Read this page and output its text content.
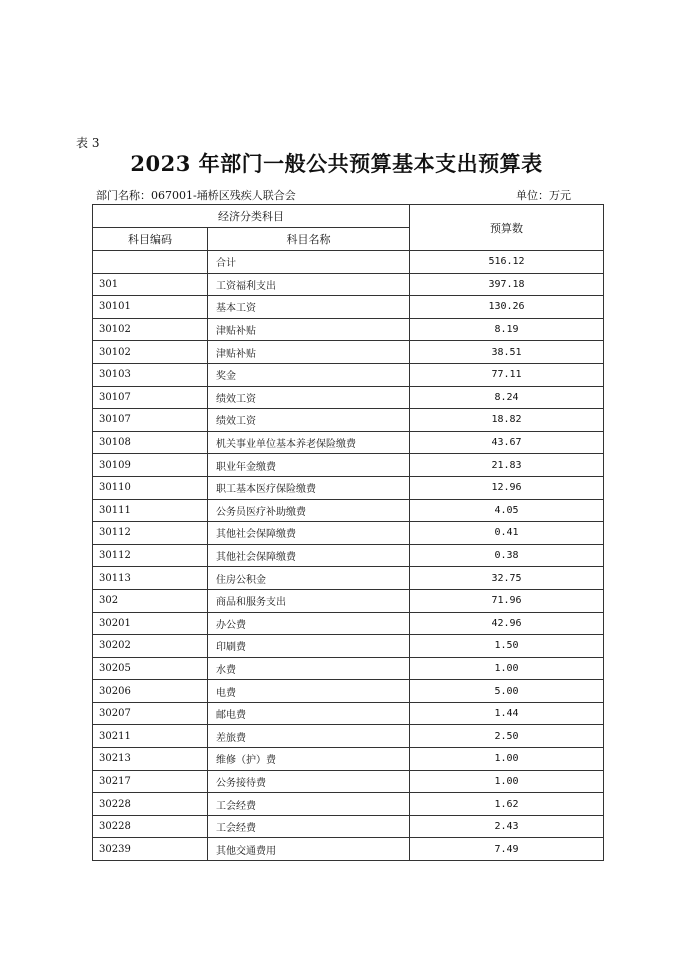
表 3
2023 年部门一般公共预算基本支出预算表
部门名称：067001-埇桥区残疾人联合会	单位：万元
经济分类科目		预算数
科目编码	科目名称	
	合计	516.12
301	工资福利支出	397.18
30101	基本工资	130.26
30102	津贴补贴	8.19
30102	津贴补贴	38.51
30103	奖金	77.11
30107	绩效工资	8.24
30107	绩效工资	18.82
30108	机关事业单位基本养老保险缴费	43.67
30109	职业年金缴费	21.83
30110	职工基本医疗保险缴费	12.96
30111	公务员医疗补助缴费	4.05
30112	其他社会保障缴费	0.41
30112	其他社会保障缴费	0.38
30113	住房公积金	32.75
302	商品和服务支出	71.96
30201	办公费	42.96
30202	印刷费	1.50
30205	水费	1.00
30206	电费	5.00
30207	邮电费	1.44
30211	差旅费	2.50
30213	维修（护）费	1.00
30217	公务接待费	1.00
30228	工会经费	1.62
30228	工会经费	2.43
30239	其他交通费用	7.49
